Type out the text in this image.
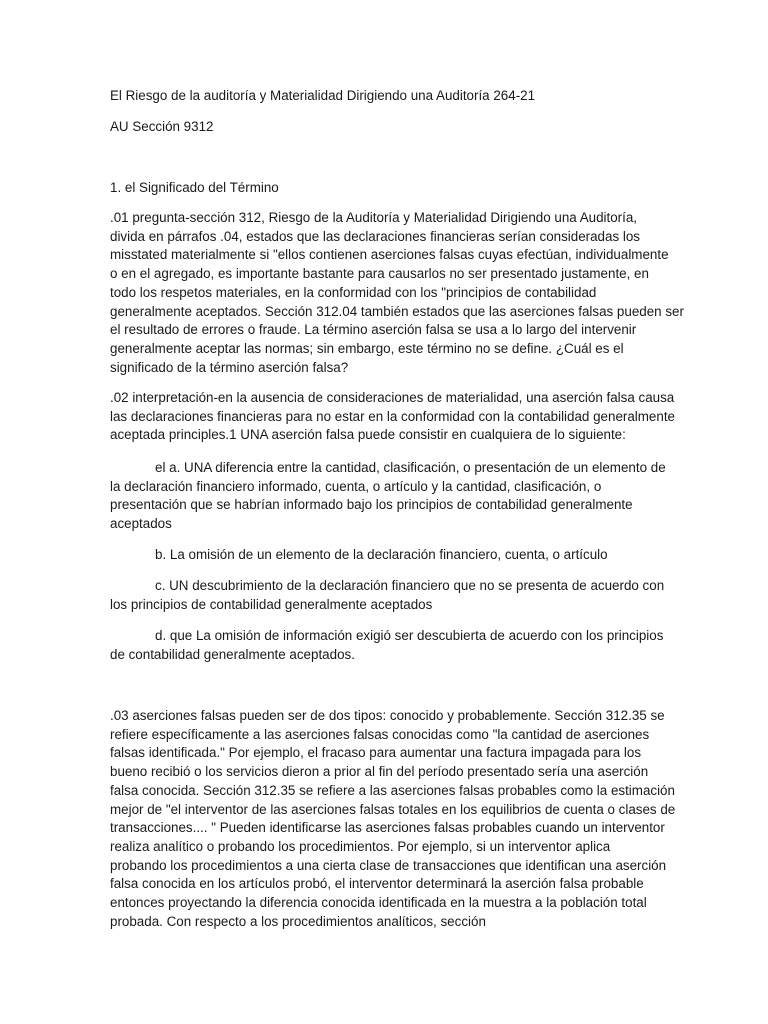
El Riesgo de la auditoría y Materialidad Dirigiendo una Auditoría 264-21

AU Sección 9312

1. el Significado del Término

.01 pregunta-sección 312, Riesgo de la Auditoría y Materialidad Dirigiendo una Auditoría,
divida en párrafos .04, estados que las declaraciones financieras serían consideradas los
misstated materialmente si "ellos contienen aserciones falsas cuyas efectúan, individualmente
o en el agregado, es importante bastante para causarlos no ser presentado justamente, en
todo los respetos materiales, en la conformidad con los "principios de contabilidad
generalmente aceptados. Sección 312.04 también estados que las aserciones falsas pueden ser
el resultado de errores o fraude. La término aserción falsa se usa a lo largo del intervenir
generalmente aceptar las normas; sin embargo, este término no se define. ¿Cuál es el
significado de la término aserción falsa?
.02 interpretación-en la ausencia de consideraciones de materialidad, una aserción falsa causa
las declaraciones financieras para no estar en la conformidad con la contabilidad generalmente
aceptada principles.1 UNA aserción falsa puede consistir en cualquiera de lo siguiente:
el a. UNA diferencia entre la cantidad, clasificación, o presentación de un elemento de
la declaración financiero informado, cuenta, o artículo y la cantidad, clasificación, o
presentación que se habrían informado bajo los principios de contabilidad generalmente
aceptados
b. La omisión de un elemento de la declaración financiero, cuenta, o artículo
c. UN descubrimiento de la declaración financiero que no se presenta de acuerdo con
los principios de contabilidad generalmente aceptados
d. que La omisión de información exigió ser descubierta de acuerdo con los principios
de contabilidad generalmente aceptados.
.03 aserciones falsas pueden ser de dos tipos: conocido y probablemente. Sección 312.35 se
refiere específicamente a las aserciones falsas conocidas como "la cantidad de aserciones
falsas identificada." Por ejemplo, el fracaso para aumentar una factura impagada para los
bueno recibió o los servicios dieron a prior al fin del período presentado sería una aserción
falsa conocida. Sección 312.35 se refiere a las aserciones falsas probables como la estimación
mejor de "el interventor de las aserciones falsas totales en los equilibrios de cuenta o clases de
transacciones.... " Pueden identificarse las aserciones falsas probables cuando un interventor
realiza analítico o probando los procedimientos. Por ejemplo, si un interventor aplica
probando los procedimientos a una cierta clase de transacciones que identifican una aserción
falsa conocida en los artículos probó, el interventor determinará la aserción falsa probable
entonces proyectando la diferencia conocida identificada en la muestra a la población total
probada. Con respecto a los procedimientos analíticos, sección
